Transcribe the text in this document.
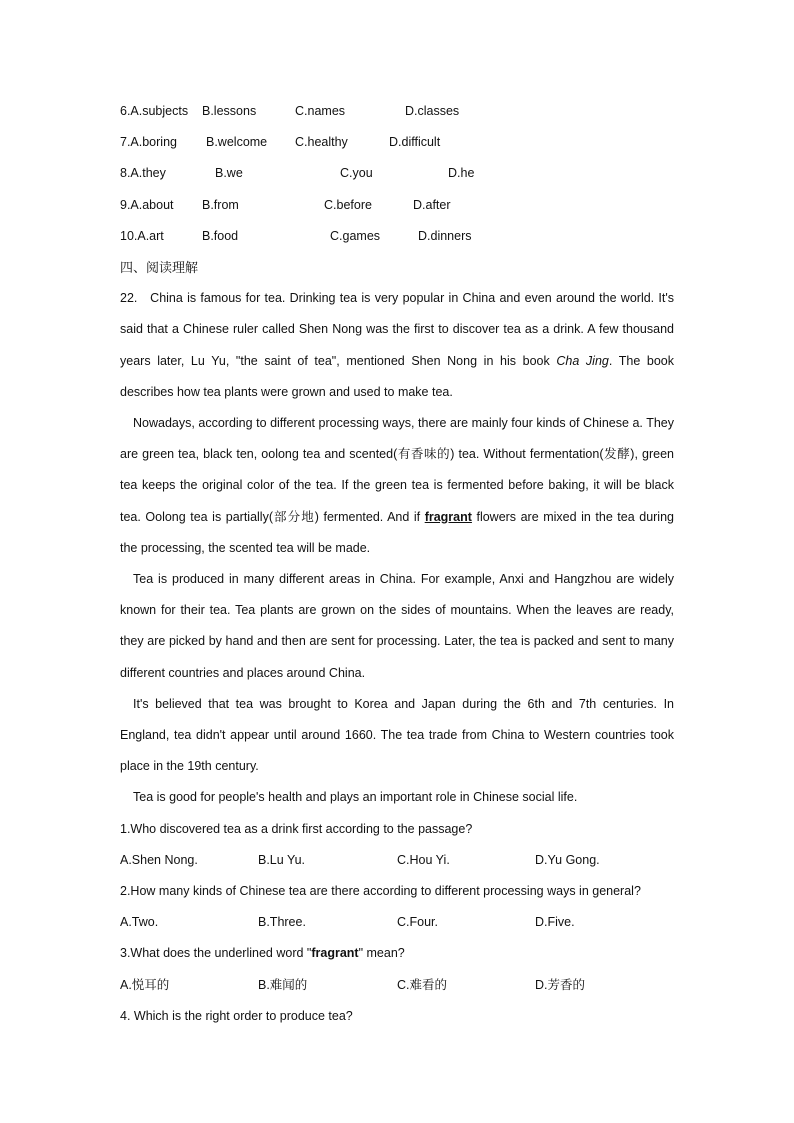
6.A.subjects B.lessons	C.names	D.classes
7.A.boring B.welcome C.healthy	D.difficult
8.A.they	B.we	C.you	D.he
9.A.about B.from	C.before	D.after
10.A.art	B.food	C.games	D.dinners
四、阅读理解

22.   China is famous for tea. Drinking tea is very popular in China and even around the world. It's said that a Chinese ruler called Shen Nong was the first to discover tea as a drink. A few thousand years later, Lu Yu, "the saint of tea", mentioned Shen Nong in his book Cha Jing. The book describes how tea plants were grown and used to make tea.

Nowadays, according to different processing ways, there are mainly four kinds of Chinese a. They are green tea, black ten, oolong tea and scented(有香味的) tea. Without fermentation(发酵), green tea keeps the original color of the tea. If the green tea is fermented before baking, it will be black tea. Oolong tea is partially(部分地) fermented. And if fragrant flowers are mixed in the tea during the processing, the scented tea will be made.

Tea is produced in many different areas in China. For example, Anxi and Hangzhou are widely known for their tea. Tea plants are grown on the sides of mountains. When the leaves are ready, they are picked by hand and then are sent for processing. Later, the tea is packed and sent to many different countries and places around China.

It's believed that tea was brought to Korea and Japan during the 6th and 7th centuries. In England, tea didn't appear until around 1660. The tea trade from China to Western countries took place in the 19th century.

Tea is good for people's health and plays an important role in Chinese social life.

1.Who discovered tea as a drink first according to the passage?
A.Shen Nong.	B.Lu Yu.	C.Hou Yi.	D.Yu Gong.
2.How many kinds of Chinese tea are there according to different processing ways in general?
A.Two.	B.Three.	C.Four.	D.Five.
3.What does the underlined word "fragrant" mean?
A.悦耳的	B.难闻的	C.难看的	D.芳香的
4. Which is the right order to produce tea?
